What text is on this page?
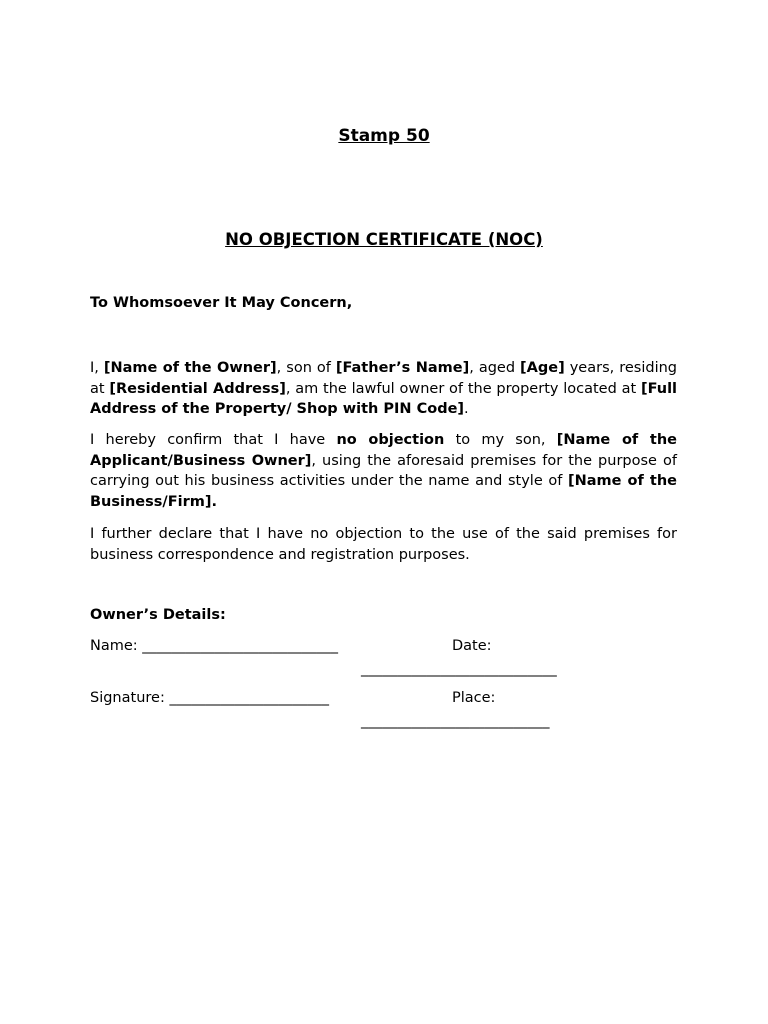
Stamp 50
NO OBJECTION CERTIFICATE (NOC)
To Whomsoever It May Concern,
I, [Name of the Owner], son of [Father’s Name], aged [Age] years, residing at [Residential Address], am the lawful owner of the property located at [Full Address of the Property/ Shop with PIN Code].
I hereby confirm that I have no objection to my son, [Name of the Applicant/Business Owner], using the aforesaid premises for the purpose of carrying out his business activities under the name and style of [Name of the Business/Firm].
I further declare that I have no objection to the use of the said premises for business correspondence and registration purposes.
Owner’s Details:
Name: ___________________________	Date:
___________________________
Signature: ______________________	Place:
__________________________
